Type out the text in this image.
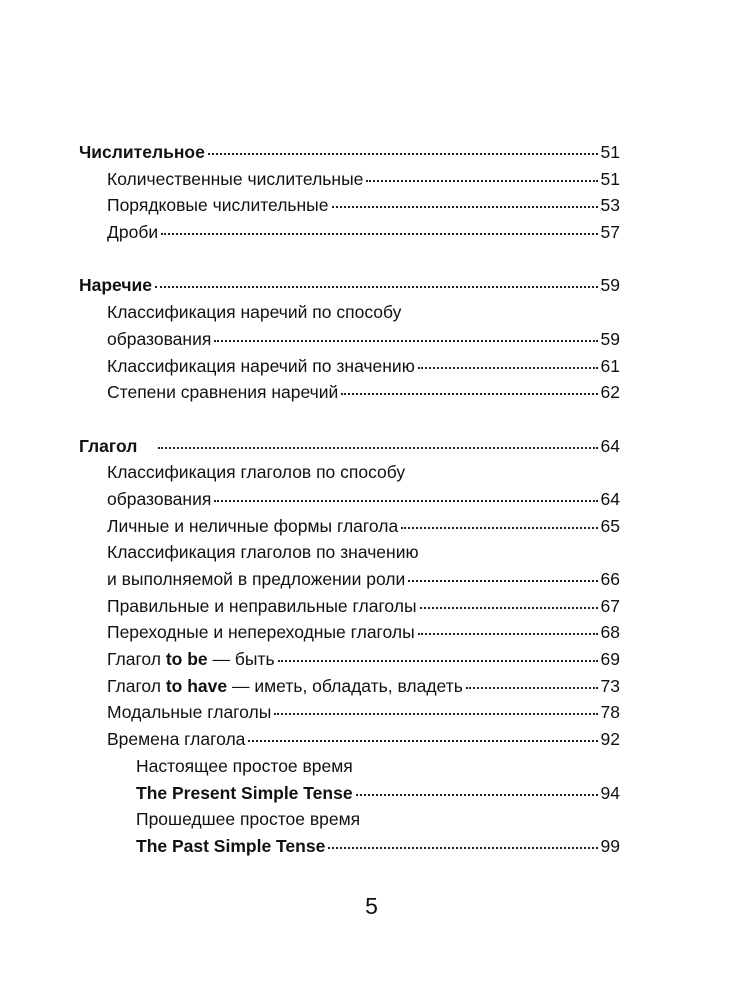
Числительное	51
Количественные числительные	51
Порядковые числительные	53
Дроби	57
Наречие	59
Классификация наречий по способу
образования	59
Классификация наречий по значению	61
Степени сравнения наречий	62
Глагол	64
Классификация глаголов по способу
образования	64
Личные и неличные формы глагола	65
Классификация глаголов по значению
и выполняемой в предложении роли	66
Правильные и неправильные глаголы	67
Переходные и непереходные глаголы	68
Глагол to be — быть	69
Глагол to have — иметь, обладать, владеть	73
Модальные глаголы	78
Времена глагола	92
Настоящее простое время
The Present Simple Tense	94
Прошедшее простое время
The Past Simple Tense	99
5
